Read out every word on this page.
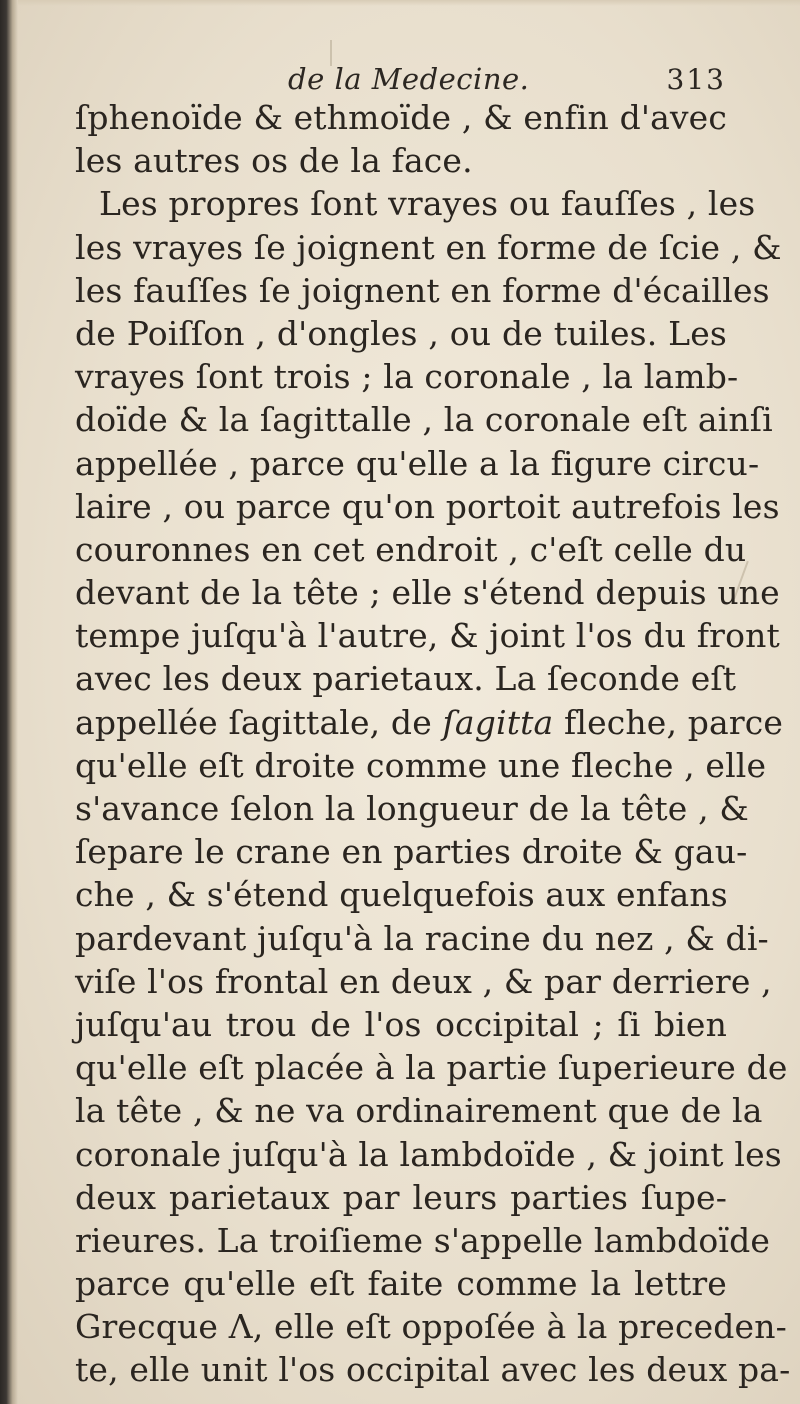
de la Medecine.	313
ſphenoïde & ethmoïde , & enfin d'avec
les autres os de la face.
Les propres ſont vrayes ou fauſſes , les
les vrayes ſe joignent en forme de ſcie , &
les fauſſes ſe joignent en forme d'écailles
de Poiſſon , d'ongles , ou de tuiles. Les
vrayes ſont trois ; la coronale , la lamb-
doïde & la ſagittalle , la coronale eſt ainſi
appellée , parce qu'elle a la figure circu-
laire , ou parce qu'on portoit autrefois les
couronnes en cet endroit , c'eſt celle du
devant de la tête ; elle s'étend depuis une
tempe juſqu'à l'autre, & joint l'os du front
avec les deux parietaux. La ſeconde eſt
appellée ſagittale, de ſagitta fleche, parce
qu'elle eſt droite comme une fleche , elle
s'avance ſelon la longueur de la tête , &
ſepare le crane en parties droite & gau-
che , & s'étend quelquefois aux enfans
pardevant juſqu'à la racine du nez , & di-
viſe l'os frontal en deux , & par derriere ,
juſqu'au trou de l'os occipital ; ſi bien
qu'elle eſt placée à la partie ſuperieure de
la tête , & ne va ordinairement que de la
coronale juſqu'à la lambdoïde , & joint les
deux parietaux par leurs parties ſupe-
rieures. La troiſieme s'appelle lambdoïde
parce qu'elle eſt faite comme la lettre
Grecque Λ, elle eſt oppoſée à la preceden-
te, elle unit l'os occipital avec les deux pa-
